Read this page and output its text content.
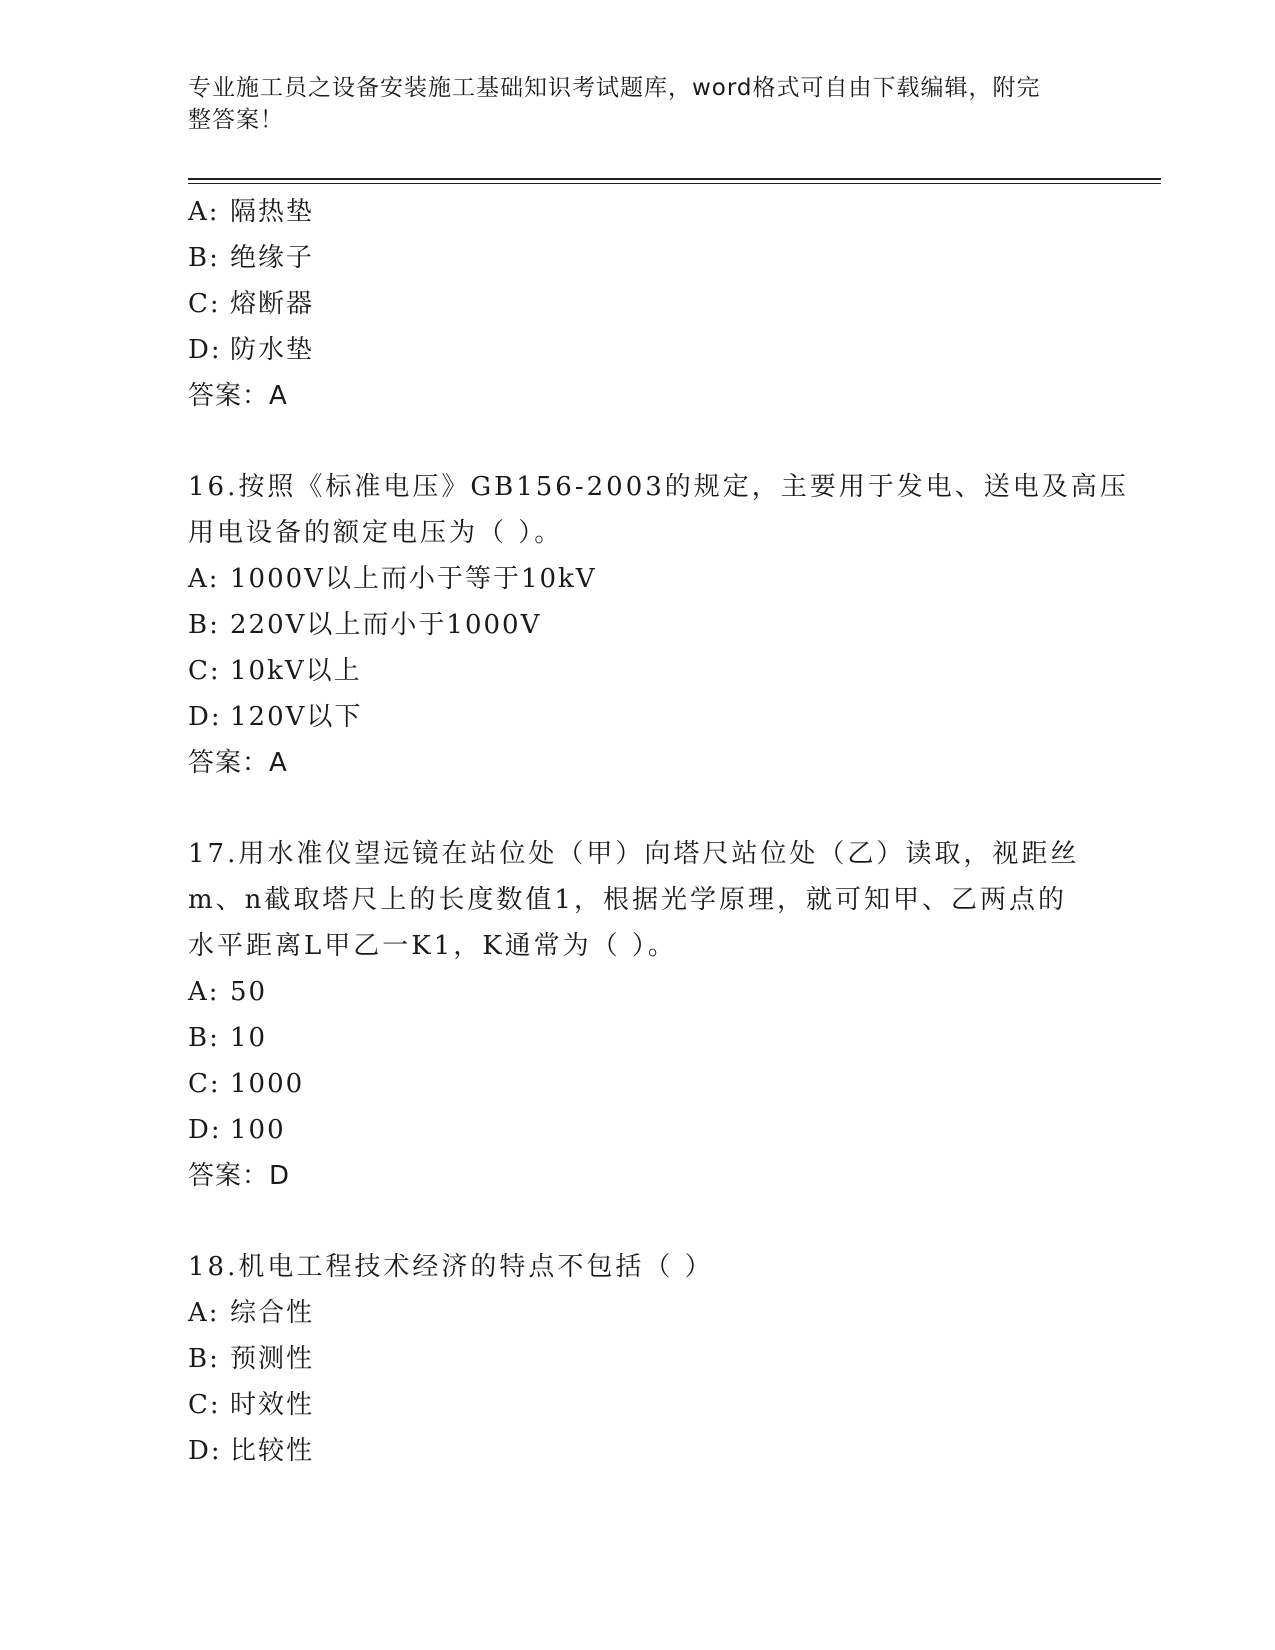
专业施工员之设备安装施工基础知识考试题库，word格式可自由下载编辑，附完
整答案！
A: 隔热垫
B: 绝缘子
C: 熔断器
D: 防水垫
答案：A
16.按照《标准电压》GB156-2003的规定，主要用于发电、送电及高压
用电设备的额定电压为（ ）。
A: 1000V以上而小于等于10kV
B: 220V以上而小于1000V
C: 10kV以上
D: 120V以下
答案：A
17.用水准仪望远镜在站位处（甲）向塔尺站位处（乙）读取，视距丝
m、n截取塔尺上的长度数值1，根据光学原理，就可知甲、乙两点的
水平距离L甲乙一K1，K通常为（ ）。
A: 50
B: 10
C: 1000
D: 100
答案：D
18.机电工程技术经济的特点不包括（ ）
A: 综合性
B: 预测性
C: 时效性
D: 比较性
